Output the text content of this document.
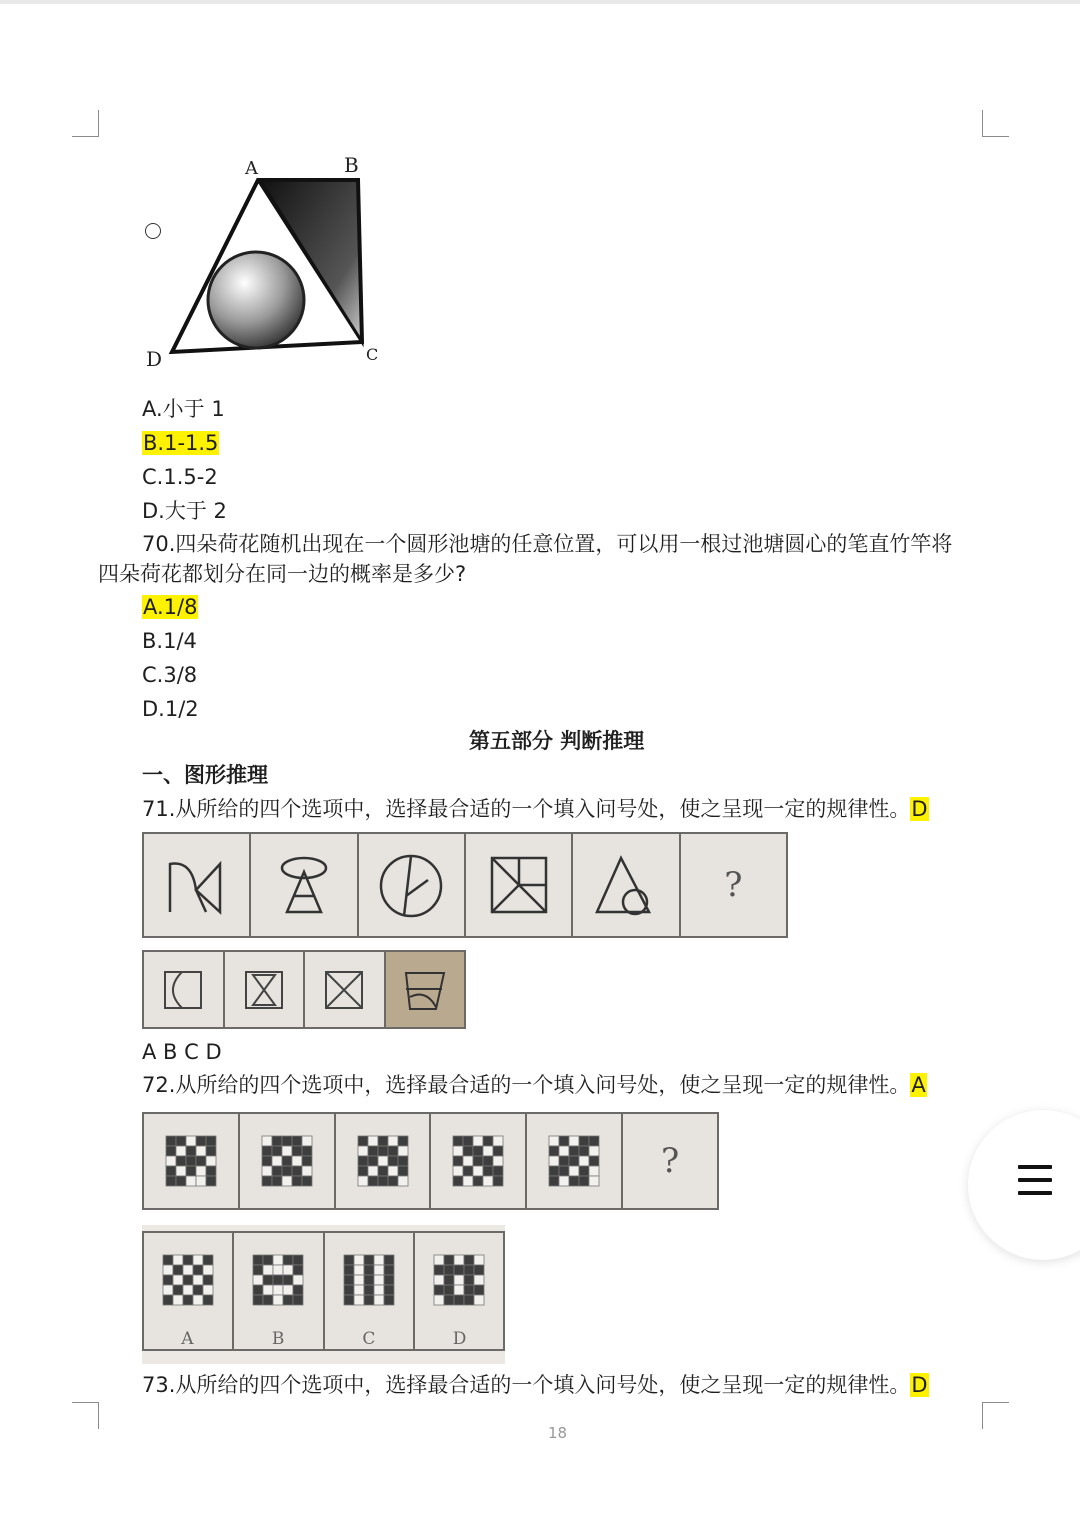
A	B
C
D
A.小于 1
B.1-1.5
C.1.5-2
D.大于 2
70.四朵荷花随机出现在一个圆形池塘的任意位置，可以用一根过池塘圆心的笔直竹竿将
四朵荷花都划分在同一边的概率是多少?
A.1/8
B.1/4
C.3/8
D.1/2
第五部分 判断推理
一、图形推理
71.从所给的四个选项中，选择最合适的一个填入问号处，使之呈现一定的规律性。D
?
A B C D
72.从所给的四个选项中，选择最合适的一个填入问号处，使之呈现一定的规律性。A
?
A	B	C	D
73.从所给的四个选项中，选择最合适的一个填入问号处，使之呈现一定的规律性。D
18
